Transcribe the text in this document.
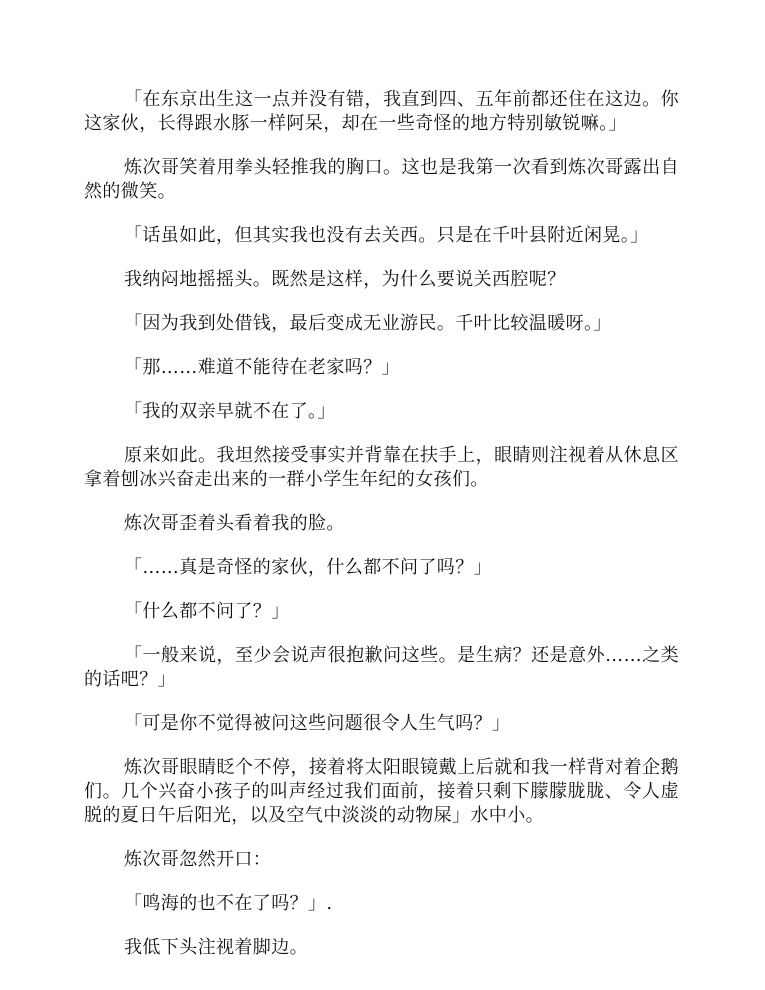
「在东京出生这一点并没有错，我直到四、五年前都还住在这边。你这家伙，长得跟水豚一样阿呆，却在一些奇怪的地方特别敏锐嘛。」

炼次哥笑着用拳头轻推我的胸口。这也是我第一次看到炼次哥露出自然的微笑。

「话虽如此，但其实我也没有去关西。只是在千叶县附近闲晃。」

我纳闷地摇摇头。既然是这样，为什么要说关西腔呢？

「因为我到处借钱，最后变成无业游民。千叶比较温暖呀。」

「那……难道不能待在老家吗？」

「我的双亲早就不在了。」

原来如此。我坦然接受事实并背靠在扶手上，眼睛则注视着从休息区拿着刨冰兴奋走出来的一群小学生年纪的女孩们。

炼次哥歪着头看着我的脸。

「……真是奇怪的家伙，什么都不问了吗？」

「什么都不问了？」

「一般来说，至少会说声很抱歉问这些。是生病？还是意外……之类的话吧？」

「可是你不觉得被问这些问题很令人生气吗？」

炼次哥眼睛眨个不停，接着将太阳眼镜戴上后就和我一样背对着企鹅们。几个兴奋小孩子的叫声经过我们面前，接着只剩下朦朦胧胧、令人虚脱的夏日午后阳光，以及空气中淡淡的动物屎」水中小。

炼次哥忽然开口：

「鸣海的也不在了吗？」.

我低下头注视着脚边。
